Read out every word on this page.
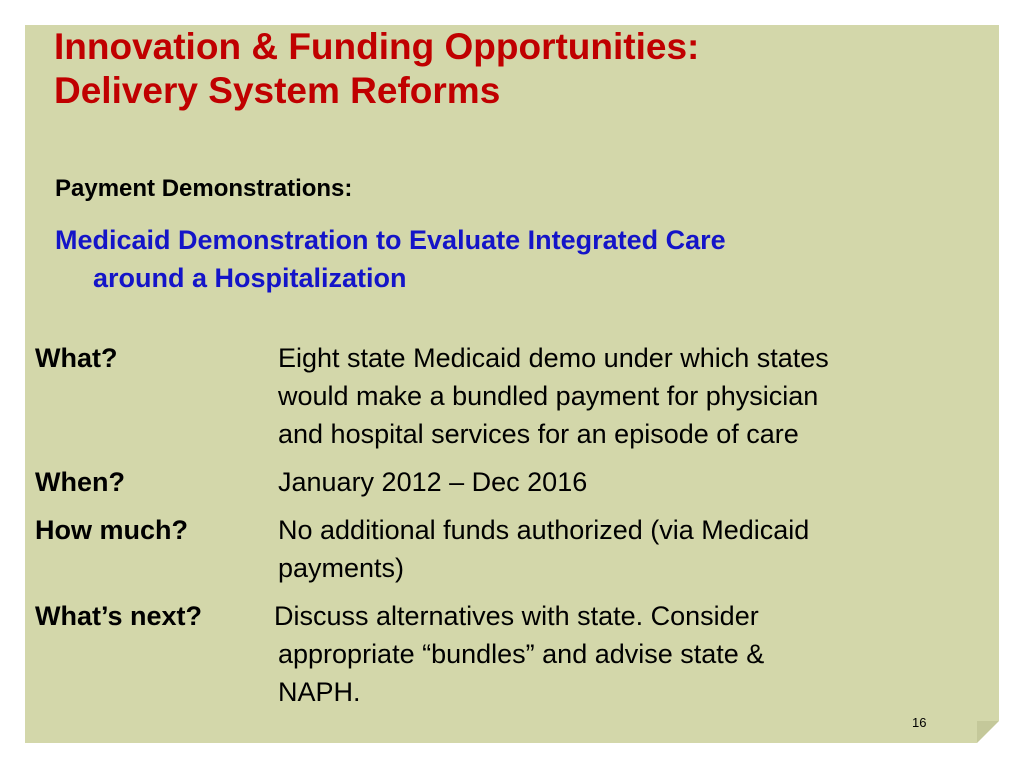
Innovation & Funding Opportunities:
Delivery System Reforms
Payment Demonstrations:
Medicaid Demonstration to Evaluate Integrated Care
around a Hospitalization
What?	Eight state Medicaid demo under which states
would make a bundled payment for physician
and hospital services for an episode of care
When?	January 2012 – Dec 2016
How much?	No additional funds authorized (via Medicaid
payments)
What’s next?	Discuss alternatives with state. Consider
appropriate “bundles” and advise state &
NAPH.
16
